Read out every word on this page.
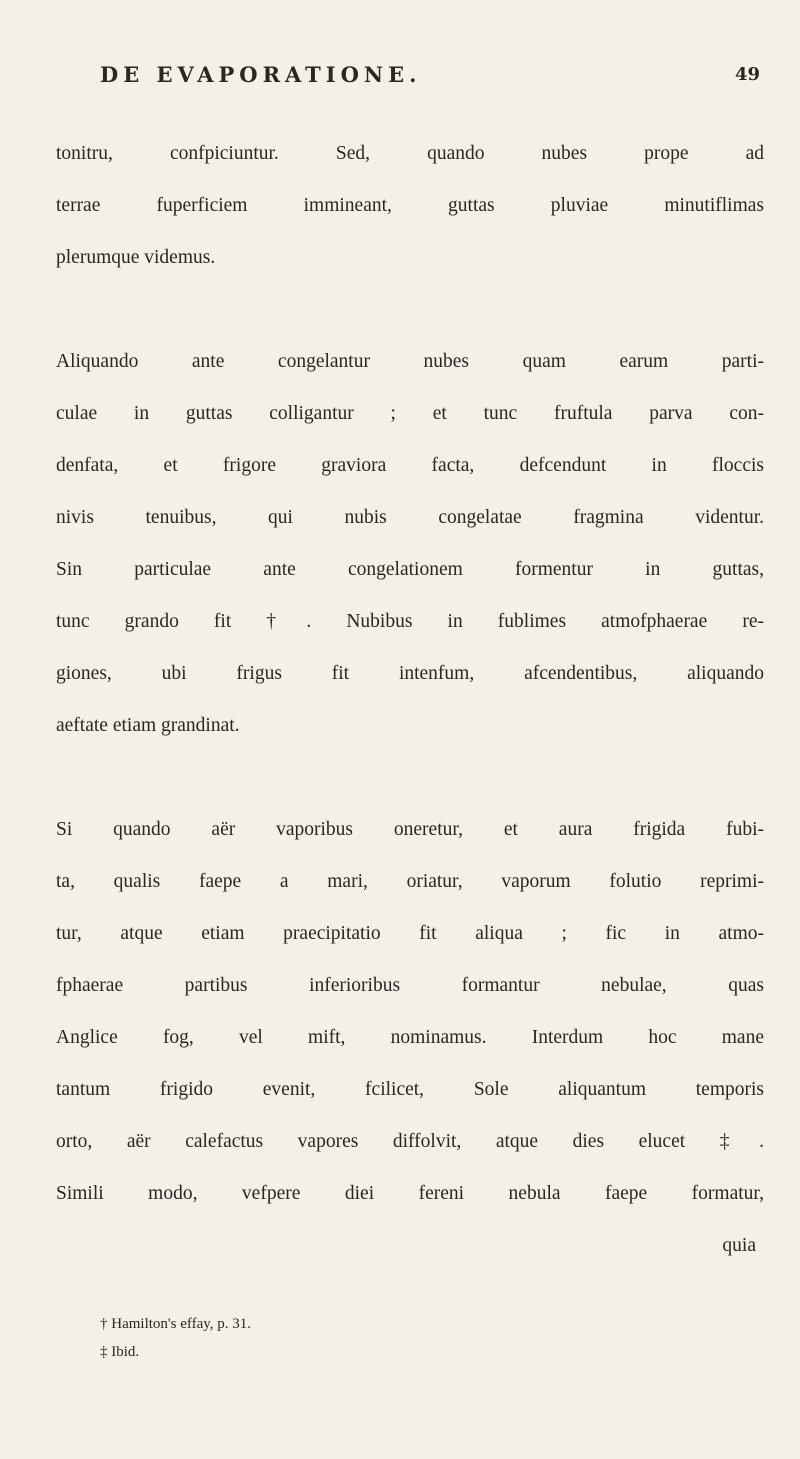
DE EVAPORATIONE.	49

tonitru, confpiciuntur. Sed, quando nubes prope ad
terrae fuperficiem immineant, guttas pluviae minutiflimas
plerumque videmus.

Aliquando ante congelantur nubes quam earum parti-
culae in guttas colligantur ; et tunc fruftula parva con-
denfata, et frigore graviora facta, defcendunt in floccis
nivis tenuibus, qui nubis congelatae fragmina videntur.
Sin particulae ante congelationem formentur in guttas,
tunc grando fit †. Nubibus in fublimes atmofphaerae re-
giones, ubi frigus fit intenfum, afcendentibus, aliquando
aeftate etiam grandinat.

Si quando aër vaporibus oneretur, et aura frigida fubi-
ta, qualis faepe a mari, oriatur, vaporum folutio reprimi-
tur, atque etiam praecipitatio fit aliqua ; fic in atmo-
fphaerae partibus inferioribus formantur nebulae, quas
Anglice fog, vel mift, nominamus. Interdum hoc mane
tantum frigido evenit, fcilicet, Sole aliquantum temporis
orto, aër calefactus vapores diffolvit, atque dies elucet ‡.
Simili modo, vefpere diei fereni nebula faepe formatur,

quia
† Hamilton's effay, p. 31.
‡ Ibid.
